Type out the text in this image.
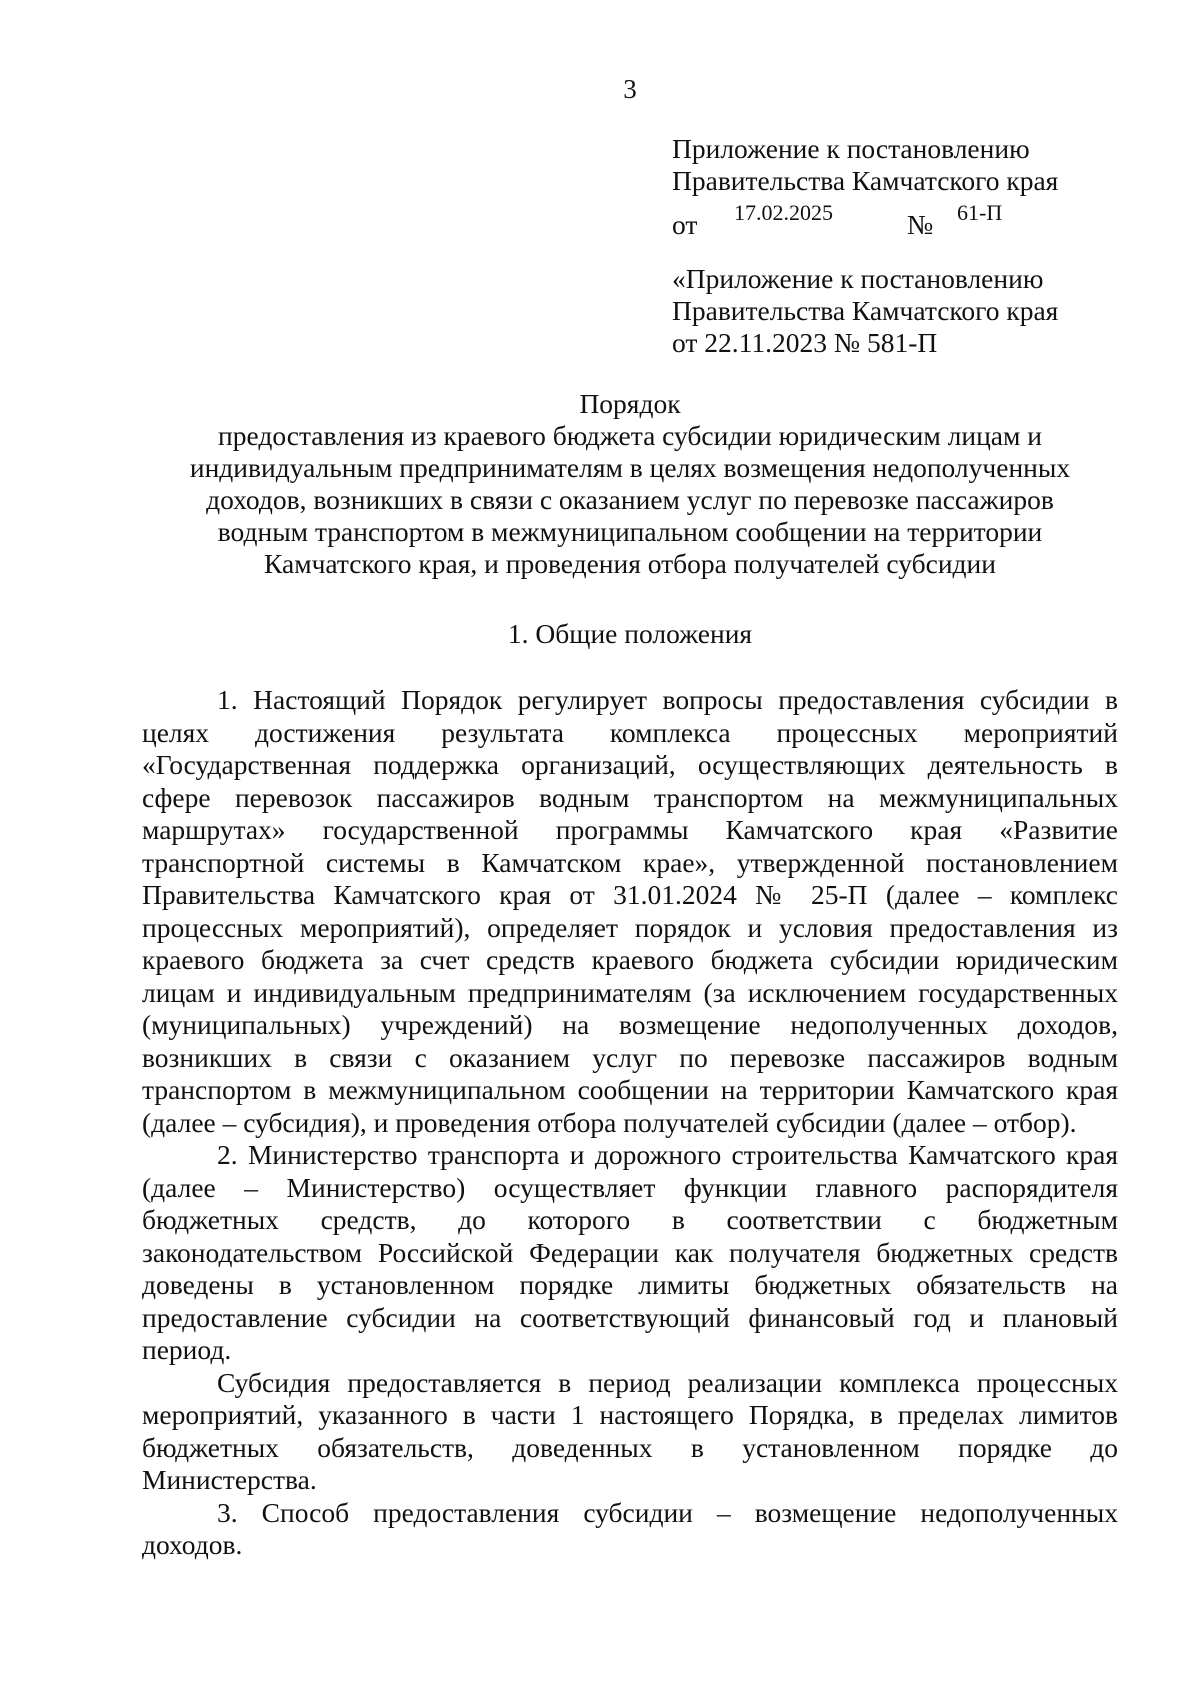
3
Приложение к постановлению
Правительства Камчатского края
от 17.02.2025	№ 61-П
«Приложение к постановлению
Правительства Камчатского края
от 22.11.2023 № 581-П
Порядок
предоставления из краевого бюджета субсидии юридическим лицам и
индивидуальным предпринимателям в целях возмещения недополученных
доходов, возникших в связи с оказанием услуг по перевозке пассажиров
водным транспортом в межмуниципальном сообщении на территории
Камчатского края, и проведения отбора получателей субсидии
1. Общие положения

1. Настоящий Порядок регулирует вопросы предоставления субсидии в
целях достижения результата комплекса процессных мероприятий
«Государственная поддержка организаций, осуществляющих деятельность в
сфере перевозок пассажиров водным транспортом на межмуниципальных
маршрутах» государственной программы Камчатского края «Развитие
транспортной системы в Камчатском крае», утвержденной постановлением
Правительства Камчатского края от 31.01.2024 № 25-П (далее – комплекс
процессных мероприятий), определяет порядок и условия предоставления из
краевого бюджета за счет средств краевого бюджета субсидии юридическим
лицам и индивидуальным предпринимателям (за исключением государственных
(муниципальных) учреждений) на возмещение недополученных доходов,
возникших в связи с оказанием услуг по перевозке пассажиров водным
транспортом в межмуниципальном сообщении на территории Камчатского края
(далее – субсидия), и проведения отбора получателей субсидии (далее – отбор).

2. Министерство транспорта и дорожного строительства Камчатского края
(далее – Министерство) осуществляет функции главного распорядителя
бюджетных средств, до которого в соответствии с бюджетным
законодательством Российской Федерации как получателя бюджетных средств
доведены в установленном порядке лимиты бюджетных обязательств на
предоставление субсидии на соответствующий финансовый год и плановый
период.

Субсидия предоставляется в период реализации комплекса процессных
мероприятий, указанного в части 1 настоящего Порядка, в пределах лимитов
бюджетных обязательств, доведенных в установленном порядке до
Министерства.

3. Способ предоставления субсидии – возмещение недополученных
доходов.
